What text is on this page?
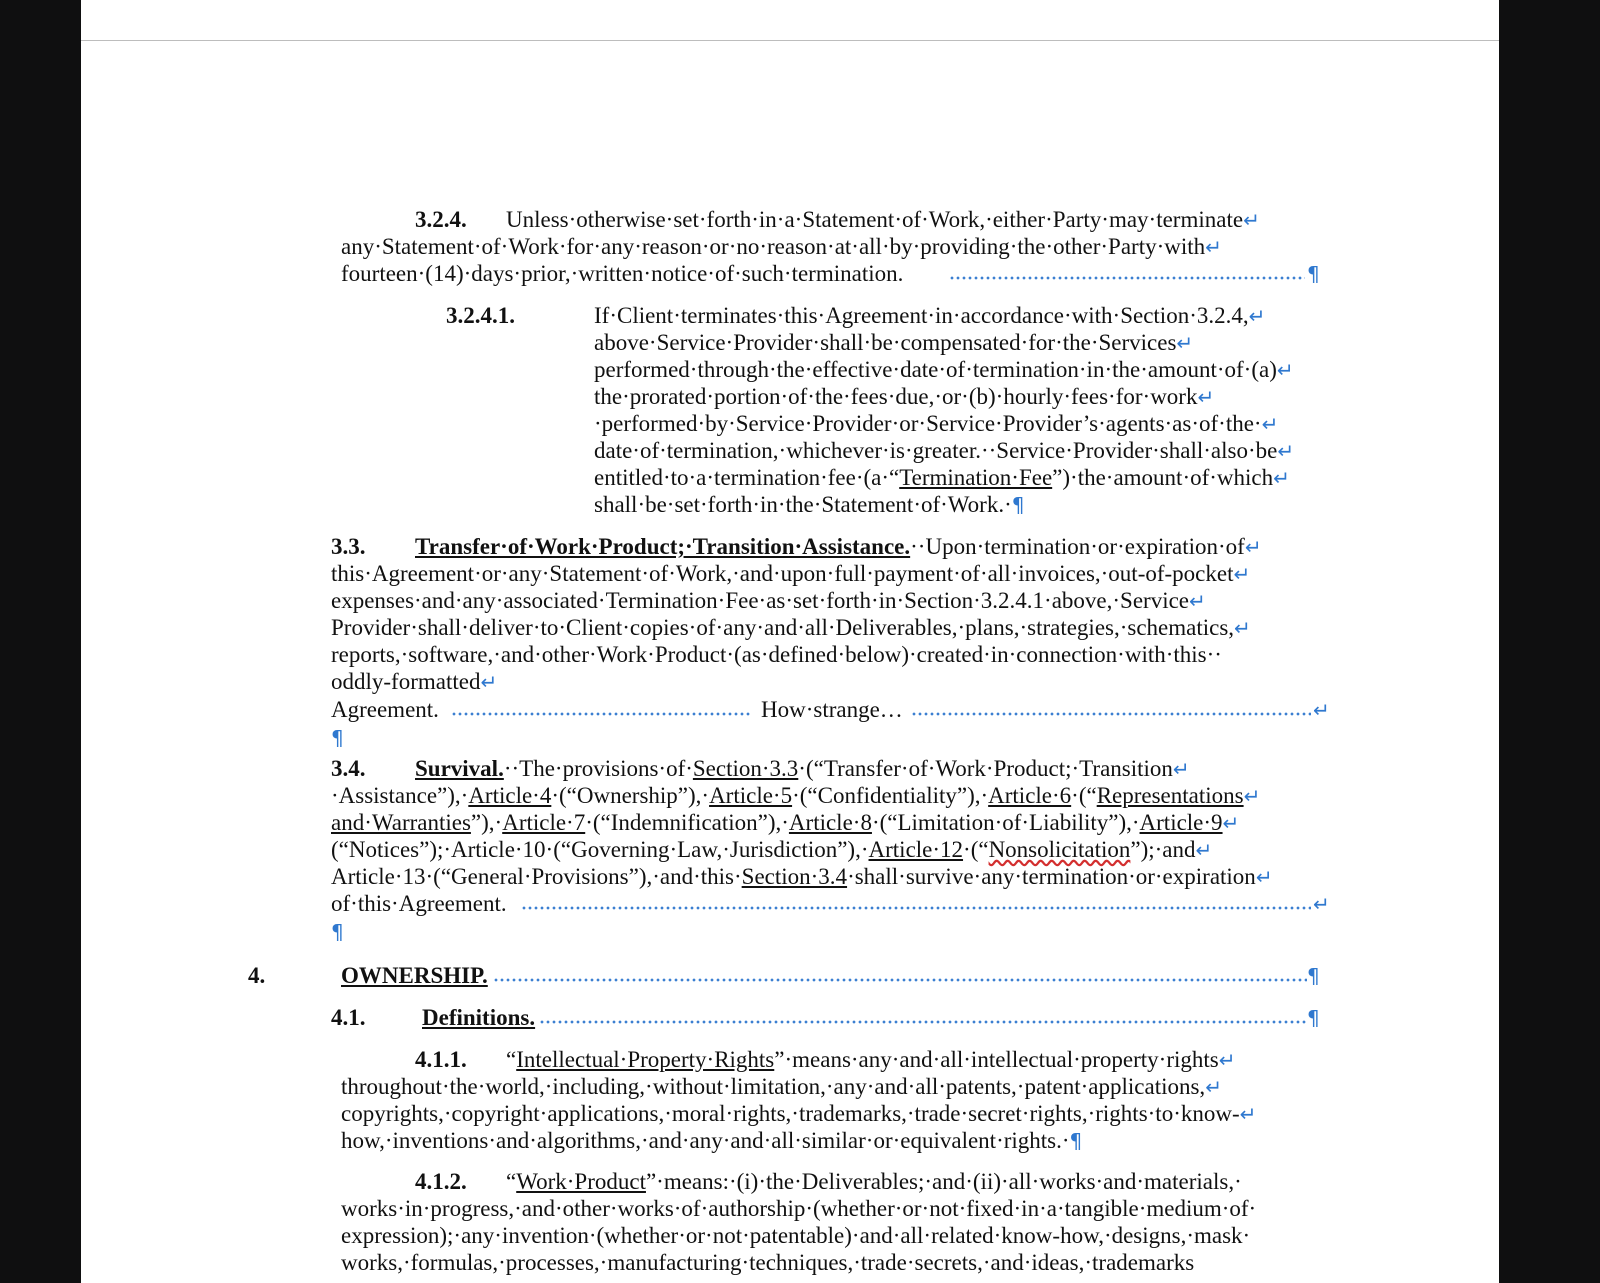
3.2.4. Unless·otherwise·set·forth·in·a·Statement·of·Work,·either·Party·may·terminate↵
any·Statement·of·Work·for·any·reason·or·no·reason·at·all·by·providing·the·other·Party·with↵
fourteen·(14)·days·prior,·written·notice·of·such·termination.	¶
3.2.4.1.	If·Client·terminates·this·Agreement·in·accordance·with·Section·3.2.4,↵
above·Service·Provider·shall·be·compensated·for·the·Services↵
performed·through·the·effective·date·of·termination·in·the·amount·of·(a)↵
the·prorated·portion·of·the·fees·due,·or·(b)·hourly·fees·for·work↵
·performed·by·Service·Provider·or·Service·Provider’s·agents·as·of·the·↵
date·of·termination,·whichever·is·greater.··Service·Provider·shall·also·be↵
entitled·to·a·termination·fee·(a·“Termination·Fee”)·the·amount·of·which↵
shall·be·set·forth·in·the·Statement·of·Work.·¶
3.3. Transfer·of·Work·Product;·Transition·Assistance.··Upon·termination·or·expiration·of↵
this·Agreement·or·any·Statement·of·Work,·and·upon·full·payment·of·all·invoices,·out-of-pocket↵
expenses·and·any·associated·Termination·Fee·as·set·forth·in·Section·3.2.4.1·above,·Service↵
Provider·shall·deliver·to·Client·copies·of·any·and·all·Deliverables,·plans,·strategies,·schematics,↵
reports,·software,·and·other·Work·Product·(as·defined·below)·created·in·connection·with·this··
oddly-formatted↵
Agreement.	How·strange…	↵
¶
3.4. Survival.··The·provisions·of·Section·3.3·(“Transfer·of·Work·Product;·Transition↵
·Assistance”),·Article·4·(“Ownership”),·Article·5·(“Confidentiality”),·Article·6·(“Representations↵
and·Warranties”),·Article·7·(“Indemnification”),·Article·8·(“Limitation·of·Liability”),·Article·9↵
(“Notices”);·Article·10·(“Governing·Law,·Jurisdiction”),·Article·12·(“Nonsolicitation”);·and↵
Article·13·(“General·Provisions”),·and·this·Section·3.4·shall·survive·any·termination·or·expiration↵
of·this·Agreement.	↵
¶
4.	OWNERSHIP.	¶
4.1. Definitions.	¶
4.1.1. “Intellectual·Property·Rights”·means·any·and·all·intellectual·property·rights↵
throughout·the·world,·including,·without·limitation,·any·and·all·patents,·patent·applications,↵
copyrights,·copyright·applications,·moral·rights,·trademarks,·trade·secret·rights,·rights·to·know-↵
how,·inventions·and·algorithms,·and·any·and·all·similar·or·equivalent·rights.·¶
4.1.2. “Work·Product”·means:·(i)·the·Deliverables;·and·(ii)·all·works·and·materials,·
works·in·progress,·and·other·works·of·authorship·(whether·or·not·fixed·in·a·tangible·medium·of·
expression);·any·invention·(whether·or·not·patentable)·and·all·related·know-how,·designs,·mask·
works,·formulas,·processes,·manufacturing·techniques,·trade·secrets,·and·ideas,·trademarks
